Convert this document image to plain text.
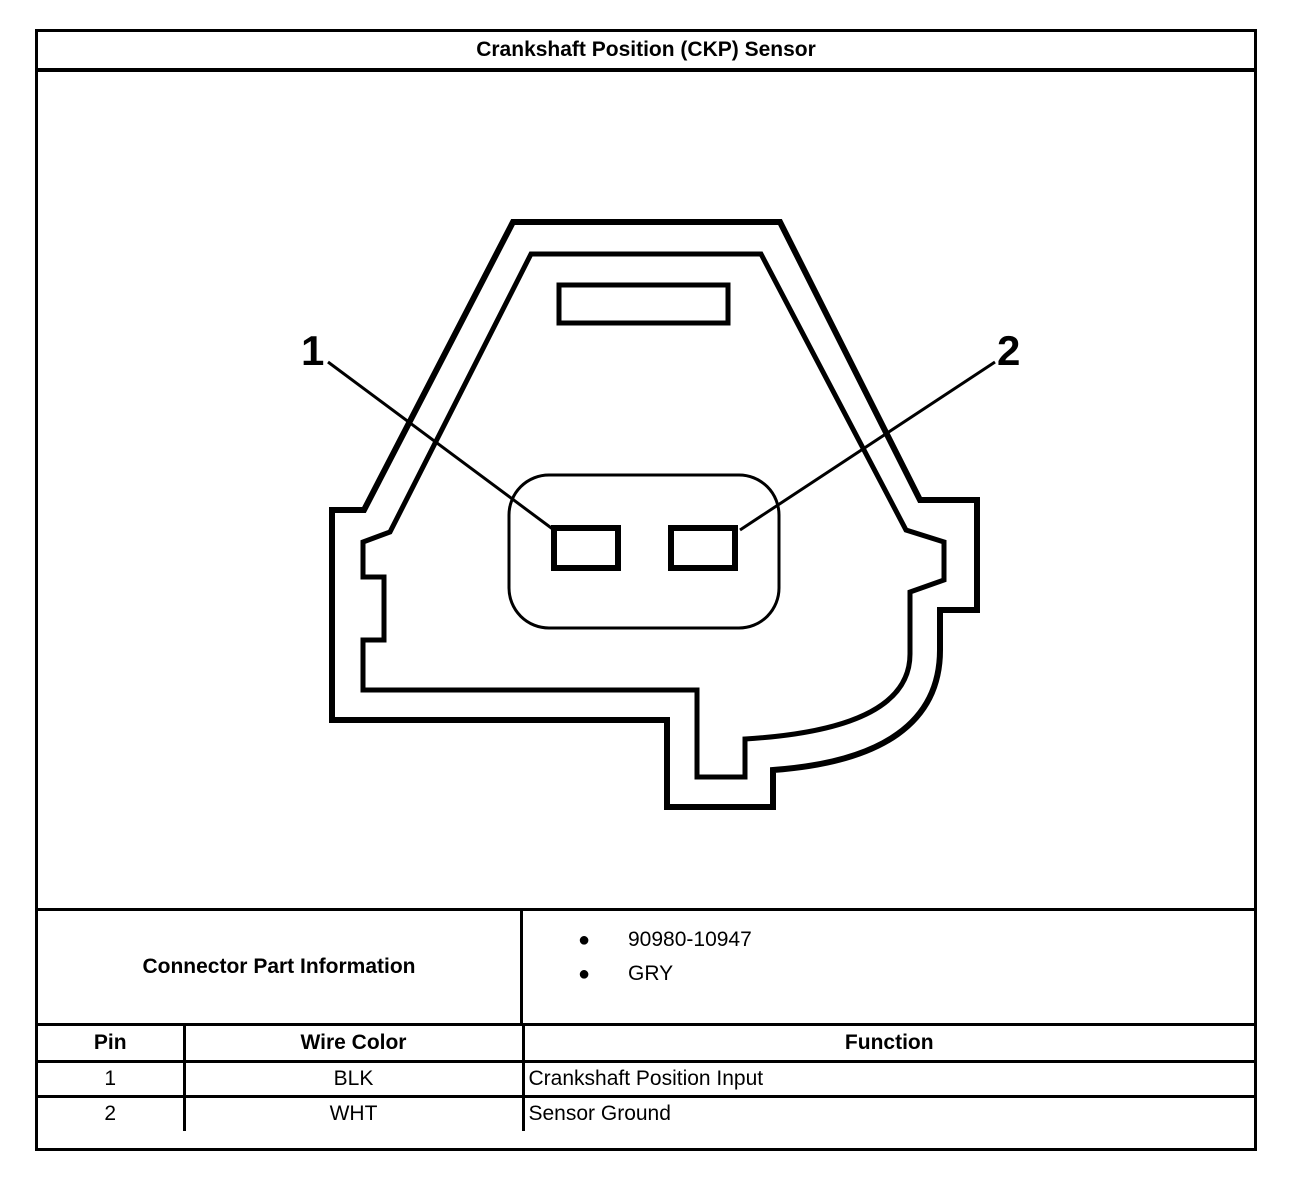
Crankshaft Position (CKP) Sensor
1	2
Connector Part Information
● 90980-10947
● GRY
Pin	Wire Color	Function
1	BLK	Crankshaft Position Input
2	WHT	Sensor Ground
